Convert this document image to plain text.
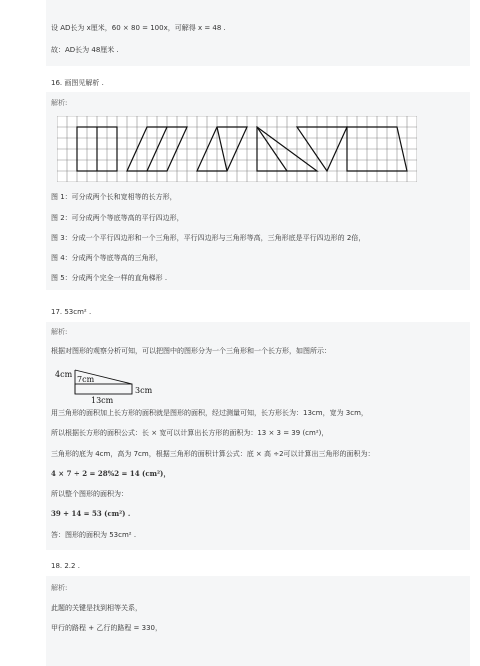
设 AD长为 x厘米，60 × 80 = 100x，可解得 x = 48 .
故：AD长为 48厘米 .
16. 画图见解析 .
解析:
图 1：可分成两个长和宽相等的长方形，
图 2：可分成两个等底等高的平行四边形，
图 3：分成一个平行四边形和一个三角形，平行四边形与三角形等高，三角形底是平行四边形的 2倍，
图 4：分成两个等底等高的三角形，
图 5：分成两个完全一样的直角梯形 .
17. 53cm² .
解析:
根据对图形的观察分析可知，可以把图中的图形分为一个三角形和一个长方形，如图所示：
4cm
7cm
13cm
3cm
用三角形的面积加上长方形的面积就是图形的面积，经过测量可知，长方形长为：13cm，宽为 3cm，
所以根据长方形的面积公式：长 × 宽可以计算出长方形的面积为：13 × 3 = 39 (cm²)，
三角形的底为 4cm，高为 7cm，根据三角形的面积计算公式：底 × 高 ÷2可以计算出三角形的面积为：
4 × 7 ÷ 2 = 28%2 = 14 (cm²)，
所以整个图形的面积为：
39 + 14 = 53 (cm²) .
答：图形的面积为 53cm² .
18. 2.2 .
解析:
此题的关键是找到相等关系，
甲行的路程 + 乙行的路程 = 330，
